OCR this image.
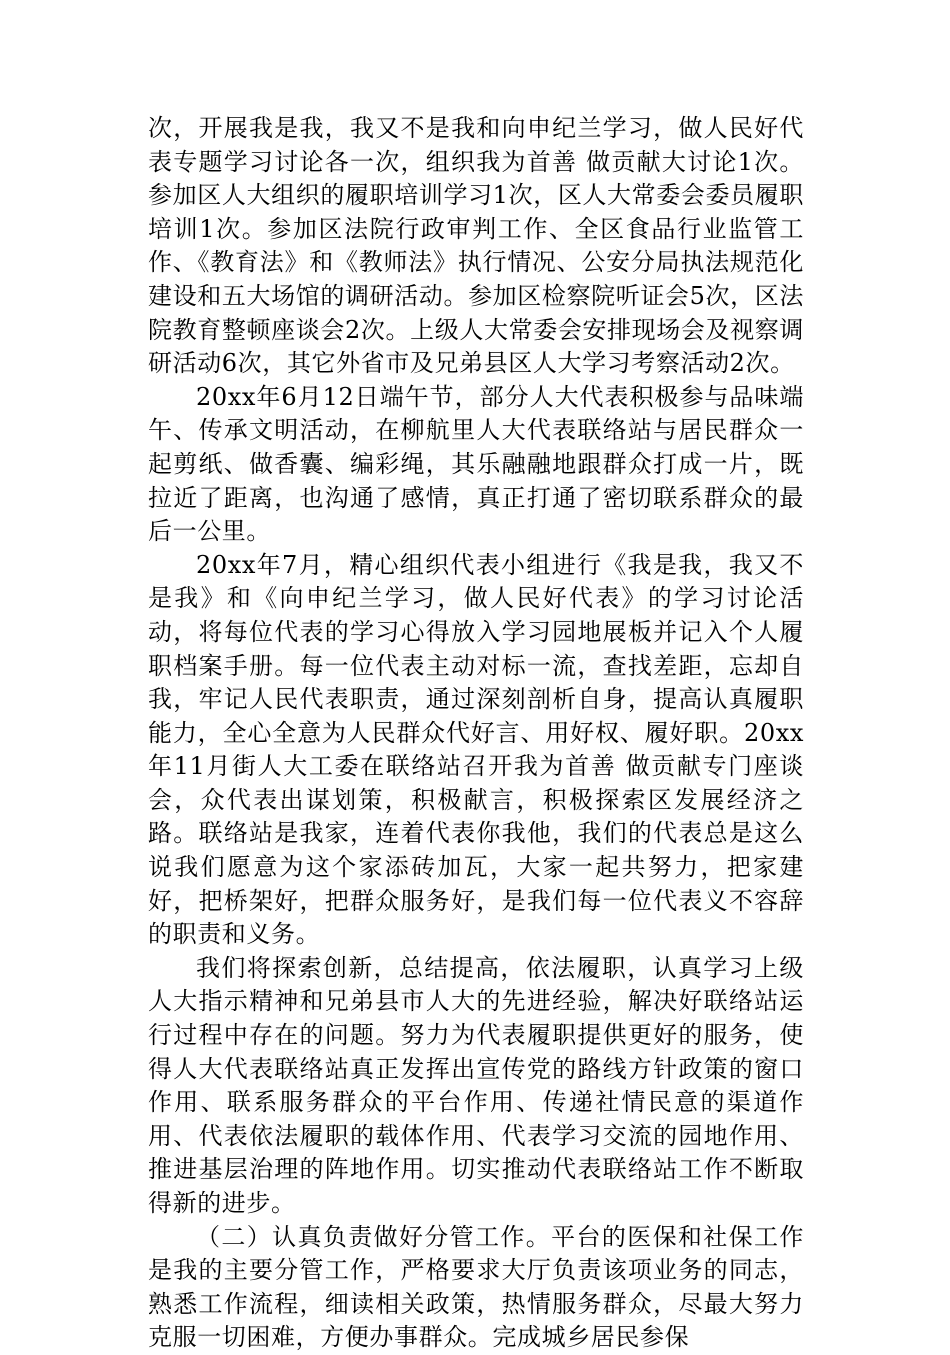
次，开展我是我，我又不是我和向申纪兰学习，做人民好代表专题学习讨论各一次，组织我为首善 做贡献大讨论1次。参加区人大组织的履职培训学习1次，区人大常委会委员履职培训1次。参加区法院行政审判工作、全区食品行业监管工作、《教育法》和《教师法》执行情况、公安分局执法规范化建设和五大场馆的调研活动。参加区检察院听证会5次，区法院教育整顿座谈会2次。上级人大常委会安排现场会及视察调研活动6次，其它外省市及兄弟县区人大学习考察活动2次。

20xx年6月12日端午节，部分人大代表积极参与品味端午、传承文明活动，在柳航里人大代表联络站与居民群众一起剪纸、做香囊、编彩绳，其乐融融地跟群众打成一片，既拉近了距离，也沟通了感情，真正打通了密切联系群众的最后一公里。

20xx年7月，精心组织代表小组进行《我是我，我又不是我》和《向申纪兰学习，做人民好代表》的学习讨论活动，将每位代表的学习心得放入学习园地展板并记入个人履职档案手册。每一位代表主动对标一流，查找差距，忘却自我，牢记人民代表职责，通过深刻剖析自身，提高认真履职能力，全心全意为人民群众代好言、用好权、履好职。20xx年11月街人大工委在联络站召开我为首善 做贡献专门座谈会，众代表出谋划策，积极献言，积极探索区发展经济之路。联络站是我家，连着代表你我他，我们的代表总是这么说我们愿意为这个家添砖加瓦，大家一起共努力，把家建好，把桥架好，把群众服务好，是我们每一位代表义不容辞的职责和义务。

我们将探索创新，总结提高，依法履职，认真学习上级人大指示精神和兄弟县市人大的先进经验，解决好联络站运行过程中存在的问题。努力为代表履职提供更好的服务，使得人大代表联络站真正发挥出宣传党的路线方针政策的窗口作用、联系服务群众的平台作用、传递社情民意的渠道作用、代表依法履职的载体作用、代表学习交流的园地作用、推进基层治理的阵地作用。切实推动代表联络站工作不断取得新的进步。

（二）认真负责做好分管工作。平台的医保和社保工作是我的主要分管工作，严格要求大厅负责该项业务的同志，熟悉工作流程，细读相关政策，热情服务群众，尽最大努力克服一切困难，方便办事群众。完成城乡居民参保
